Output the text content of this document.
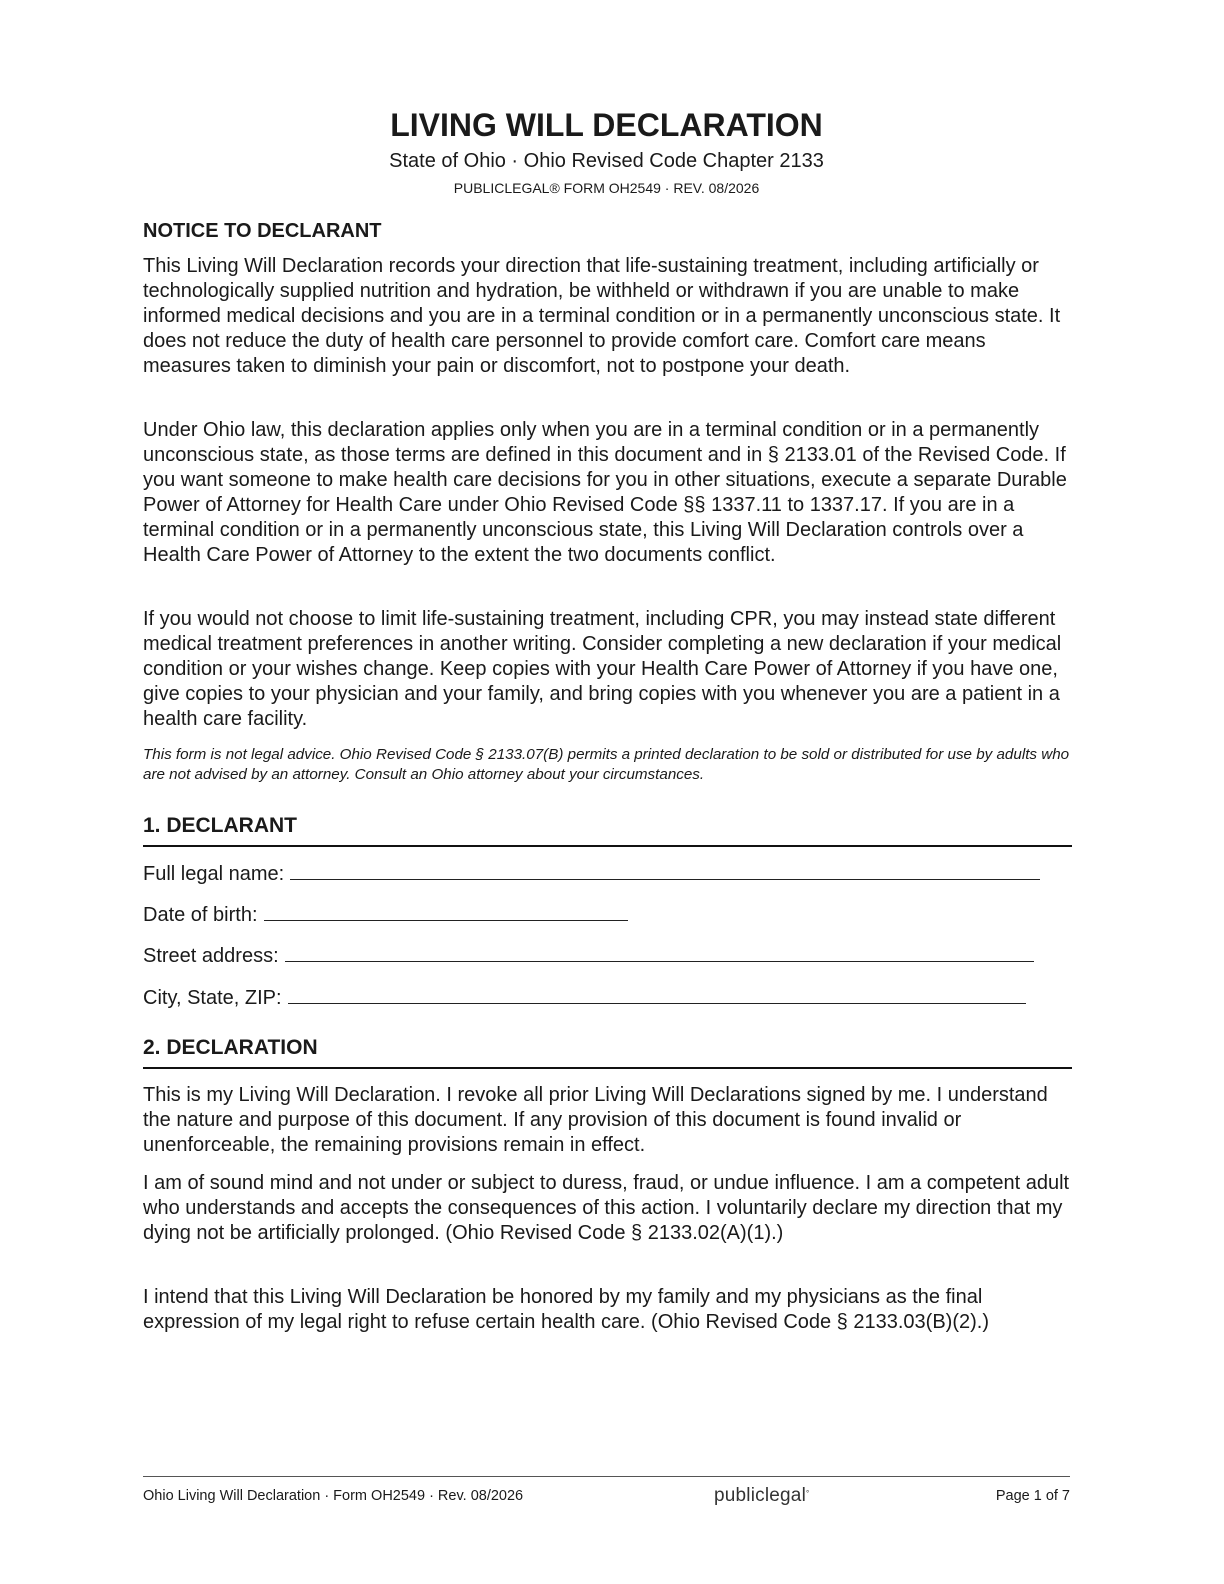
LIVING WILL DECLARATION
State of Ohio · Ohio Revised Code Chapter 2133
PUBLICLEGAL® FORM OH2549 · REV. 08/2026
NOTICE TO DECLARANT
This Living Will Declaration records your direction that life-sustaining treatment, including artificially or technologically supplied nutrition and hydration, be withheld or withdrawn if you are unable to make informed medical decisions and you are in a terminal condition or in a permanently unconscious state. It does not reduce the duty of health care personnel to provide comfort care. Comfort care means measures taken to diminish your pain or discomfort, not to postpone your death.
Under Ohio law, this declaration applies only when you are in a terminal condition or in a permanently unconscious state, as those terms are defined in this document and in § 2133.01 of the Revised Code. If you want someone to make health care decisions for you in other situations, execute a separate Durable Power of Attorney for Health Care under Ohio Revised Code §§ 1337.11 to 1337.17. If you are in a terminal condition or in a permanently unconscious state, this Living Will Declaration controls over a Health Care Power of Attorney to the extent the two documents conflict.
If you would not choose to limit life-sustaining treatment, including CPR, you may instead state different medical treatment preferences in another writing. Consider completing a new declaration if your medical condition or your wishes change. Keep copies with your Health Care Power of Attorney if you have one, give copies to your physician and your family, and bring copies with you whenever you are a patient in a health care facility.
This form is not legal advice. Ohio Revised Code § 2133.07(B) permits a printed declaration to be sold or distributed for use by adults who are not advised by an attorney. Consult an Ohio attorney about your circumstances.
1. DECLARANT
Full legal name:
Date of birth:
Street address:
City, State, ZIP:
2. DECLARATION
This is my Living Will Declaration. I revoke all prior Living Will Declarations signed by me. I understand the nature and purpose of this document. If any provision of this document is found invalid or unenforceable, the remaining provisions remain in effect.
I am of sound mind and not under or subject to duress, fraud, or undue influence. I am a competent adult who understands and accepts the consequences of this action. I voluntarily declare my direction that my dying not be artificially prolonged. (Ohio Revised Code § 2133.02(A)(1).)
I intend that this Living Will Declaration be honored by my family and my physicians as the final expression of my legal right to refuse certain health care. (Ohio Revised Code § 2133.03(B)(2).)
Ohio Living Will Declaration · Form OH2549 · Rev. 08/2026	publiclegal°	Page 1 of 7
